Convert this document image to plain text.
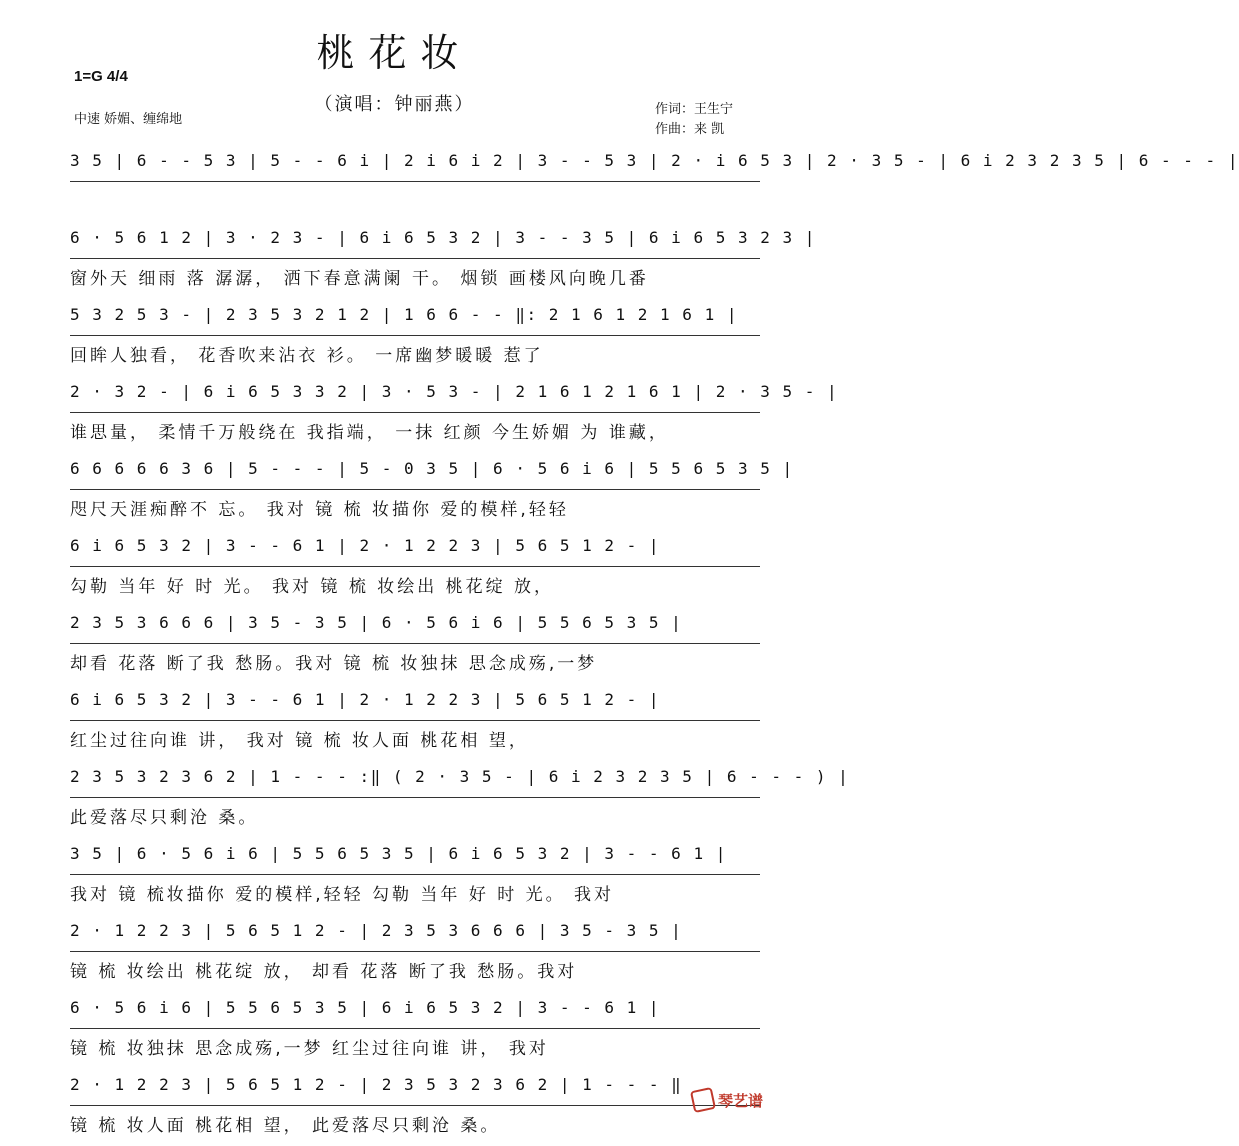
桃花妆
（演唱：钟丽燕）
1=G 4/4
中速 娇媚、缠绵地
作词：王生宁
作曲：来 凯
3 5 | 6 - - 5 3 | 5 - - 6 i | 2 i 6 i 2 | 3 - - 5 3 | 2 · i 6 5 3 | 2 · 3 5 - | 6 i 2 3 2 3 5 | 6 - - - |
6 · 5 6 1 2 | 3 · 2 3 - | 6 i 6 5 3 2 | 3 - - 3 5 | 6 i 6 5 3 2 3 |
窗外天 细雨 落 潺潺， 洒下春意满阑 干。 烟锁 画楼风向晚几番
5 3 2 5 3 - | 2 3 5 3 2 1 2 | 1 6 6 - - ‖: 2 1 6 1 2 1 6 1 |
回眸人独看， 花香吹来沾衣 衫。 一席幽梦暖暖 惹了
2 · 3 2 - | 6 i 6 5 3 3 2 | 3 · 5 3 - | 2 1 6 1 2 1 6 1 | 2 · 3 5 - |
谁思量， 柔情千万般绕在 我指端， 一抹 红颜 今生娇媚 为 谁藏，
6 6 6 6 6 3 6 | 5 - - - | 5 - 0 3 5 | 6 · 5 6 i 6 | 5 5 6 5 3 5 |
咫尺天涯痴醉不 忘。 我对 镜 梳 妆描你 爱的模样,轻轻
6 i 6 5 3 2 | 3 - - 6 1 | 2 · 1 2 2 3 | 5 6 5 1 2 - |
勾勒 当年 好 时 光。 我对 镜 梳 妆绘出 桃花绽 放，
2 3 5 3 6 6 6 | 3 5 - 3 5 | 6 · 5 6 i 6 | 5 5 6 5 3 5 |
却看 花落 断了我 愁肠。我对 镜 梳 妆独抹 思念成殇,一梦
6 i 6 5 3 2 | 3 - - 6 1 | 2 · 1 2 2 3 | 5 6 5 1 2 - |
红尘过往向谁 讲， 我对 镜 梳 妆人面 桃花相 望，
2 3 5 3 2 3 6 2 | 1 - - - :‖ ( 2 · 3 5 - | 6 i 2 3 2 3 5 | 6 - - - ) |
此爱落尽只剩沧 桑。
3 5 | 6 · 5 6 i 6 | 5 5 6 5 3 5 | 6 i 6 5 3 2 | 3 - - 6 1 |
我对 镜 梳妆描你 爱的模样,轻轻 勾勒 当年 好 时 光。 我对
2 · 1 2 2 3 | 5 6 5 1 2 - | 2 3 5 3 6 6 6 | 3 5 - 3 5 |
镜 梳 妆绘出 桃花绽 放， 却看 花落 断了我 愁肠。我对
6 · 5 6 i 6 | 5 5 6 5 3 5 | 6 i 6 5 3 2 | 3 - - 6 1 |
镜 梳 妆独抹 思念成殇,一梦 红尘过往向谁 讲， 我对
2 · 1 2 2 3 | 5 6 5 1 2 - | 2 3 5 3 2 3 6 2 | 1 - - - ‖
镜 梳 妆人面 桃花相 望， 此爱落尽只剩沧 桑。
琴艺谱
